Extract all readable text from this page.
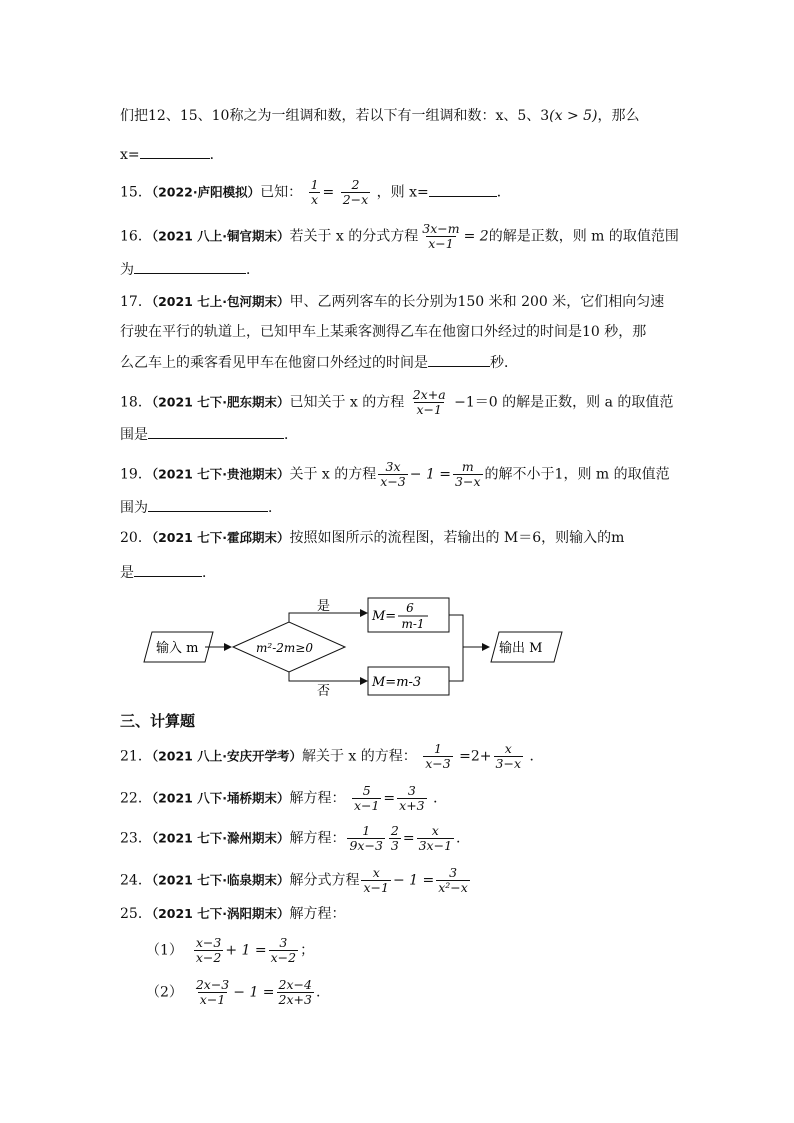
们把12、15、10称之为一组调和数，若以下有一组调和数：x、5、3(x > 5)，那么
x=	．
15．（2022·庐阳模拟）已知： $\frac{1}{x} = \frac{2}{2-x}$ ，则 x=	．
16．（2021 八上·铜官期末）若关于 x 的分式方程 $\frac{3x-m}{x-1} = 2$的解是正数，则 m 的取值范围
为	．
17．（2021 七上·包河期末）甲、乙两列客车的长分别为150 米和 200 米，它们相向匀速
行驶在平行的轨道上，已知甲车上某乘客测得乙车在他窗口外经过的时间是10 秒，那
么乙车上的乘客看见甲车在他窗口外经过的时间是	秒．
18．（2021 七下·肥东期末）已知关于 x 的方程 $\frac{2x+a}{x-1} -1=0$ 的解是正数，则 a 的取值范
围是	．
19．（2021 七下·贵池期末）关于 x 的方程 $\frac{3x}{x-3} - 1 = \frac{m}{3-x}$ 的解不小于1，则 m 的取值范
围为	．
20．（2021 七下·霍邱期末）按照如图所示的流程图，若输出的 M＝6，则输入的m
是	．
输入 m	m²-2m≥0
是
M=
6
m-1
否
M=m-3
输出 M
三、计算题
21．（2021 八上·安庆开学考）解关于 x 的方程： $\frac{1}{x-3} =2+ \frac{x}{3-x}$ ．
22．（2021 八下·埇桥期末）解方程： $\frac{5}{x-1} = \frac{3}{x+3}$ ．
23．（2021 七下·滁州期末）解方程： $\frac{1}{9x-3} \frac{2}{3} = \frac{x}{3x-1}$ .
24．（2021 七下·临泉期末）解分式方程 $\frac{x}{x-1} - 1 = \frac{3}{\text{x²−x}}$
25．（2021 七下·涡阳期末）解方程：
$(1) \frac{x-3}{x-2} + 1 = \frac{3}{x-2}$ ；
$(2) \frac{2x-3}{x-1} - 1 = \frac{2x-4}{2x+3}$ .
